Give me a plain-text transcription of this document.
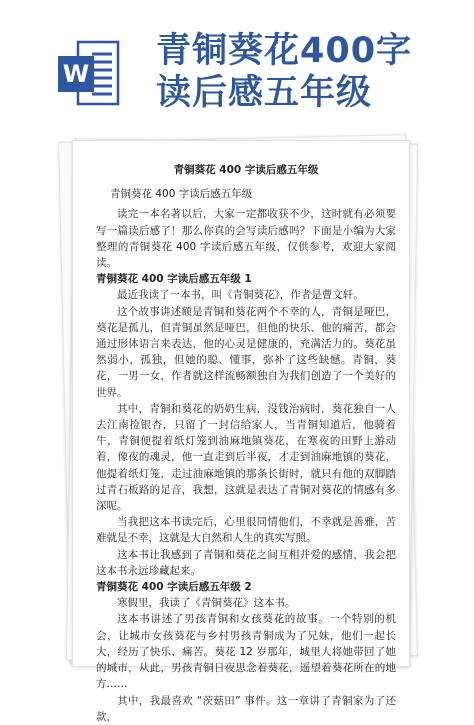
W
青铜葵花400字
读后感五年级
青铜葵花 400 字读后感五年级
青铜葵花 400 字读后感五年级

读完一本名著以后，大家一定都收获不少，这时就有必须要写一篇读后感了！那么你真的会写读后感吗？下面是小编为大家整理的青铜葵花 400 字读后感五年级，仅供参考，欢迎大家阅读。

青铜葵花 400 字读后感五年级 1

最近我读了一本书，叫《青铜葵花》，作者是曹文轩。

这个故事讲述额是青铜和葵花两个不幸的人，青铜是哑巴，葵花是孤儿，但青铜虽然是哑巴，但他的快乐、他的痛苦，都会通过形体语言来表达，他的心灵是健康的，充满活力的。葵花虽然弱小，孤独，但她的聪、懂事，弥补了这些缺憾。青铜，葵花，一男一女，作者就这样流畅额独自为我们创造了一个美好的世界。

其中，青铜和葵花的奶奶生病，没钱治病时，葵花独自一人去江南捡银杏，只留了一封信给家人，当青铜知道后，他骑着牛，青铜便提着纸灯笼到油麻地镇葵花，在寒夜的田野上游动着，像夜的魂灵，他一直走到后半夜，才走到油麻地镇的葵花，他提着纸灯笼，走过油麻地镇的那条长街时，就只有他的双脚踏过青石板路的足音，我想，这就是表达了青铜对葵花的情感有多深呢。

当我把这本书读完后，心里很同情他们，不幸就是善雅，苦难就是不幸，这就是大自然和人生的真实写照。

这本书让我感到了青铜和葵花之间互相并爱的感情，我会把这本书永远珍藏起来。

青铜葵花 400 字读后感五年级 2

寒假里，我读了《青铜葵花》这本书。

这本书讲述了男孩青铜和女孩葵花的故事。一个特别的机会，让城市女孩葵花与乡村男孩青铜成为了兄妹，他们一起长大，经历了快乐、痛苦。葵花 12 岁那年，城里人将她带回了她的城市，从此，男孩青铜日夜思念着葵花，遥望着葵花所在的地方……

其中，我最喜欢 “茨菇田” 事件。这一章讲了青铜家为了还款，
